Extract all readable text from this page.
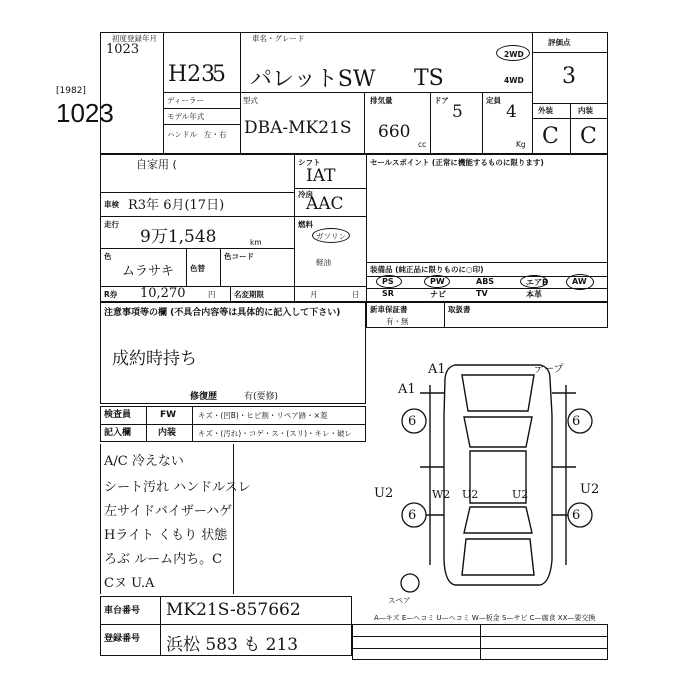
[1982]
1023
初度登録年月
1023
車名・グレード
H23
5 パレットSW TS
2WD
4WD
ディーラー
モデル年式
ハンドル 左・右
型式
DBA-MK21S
排気量
660
cc
ドア
5
定員
4
Kg
評価点
3
外装	内装
C C
自家用 (
車検 R3年 6月(17日)
走行
9万1,548	km
色
ムラサキ 色替
色コード
シフト
IAT
冷房
AAC
燃料
ガソリン
軽油
R券 10,270	円 名変期限	月	日
セールスポイント (正常に機能するものに限ります)
装備品 (純正品に限りものに○印)
PS	PW	ABS	エアB	AW
SR	ナビ	TV	本革
新車保証書
有・無
取扱書
注意事項等の欄 (不具合内容等は具体的に記入して下さい)
成約時持ち
修復歴	有(要修)
検査員
記入欄
FW
内装
キズ・(凹B)・ヒビ割・リペア跡・×菱
キズ・(汚れ)・コゲ・ス・(スリ)・キレ・破レ
A/C 冷えない
シート汚れ ハンドルスレ
左サイドバイザーハゲ
Hライト くもり 状態
ろぶ ルーム内ち。C
Cヌ U.A
A1
A1
テープ
6	6
6	6
U2	U2
W2 U2	U2
スペア
車台番号 MK21S-857662
登録番号 浜松 583 も 213
A—キズ E—ヘコミ U—ヘコミ W—板金 S—サビ C—腐食 XX—要交換
